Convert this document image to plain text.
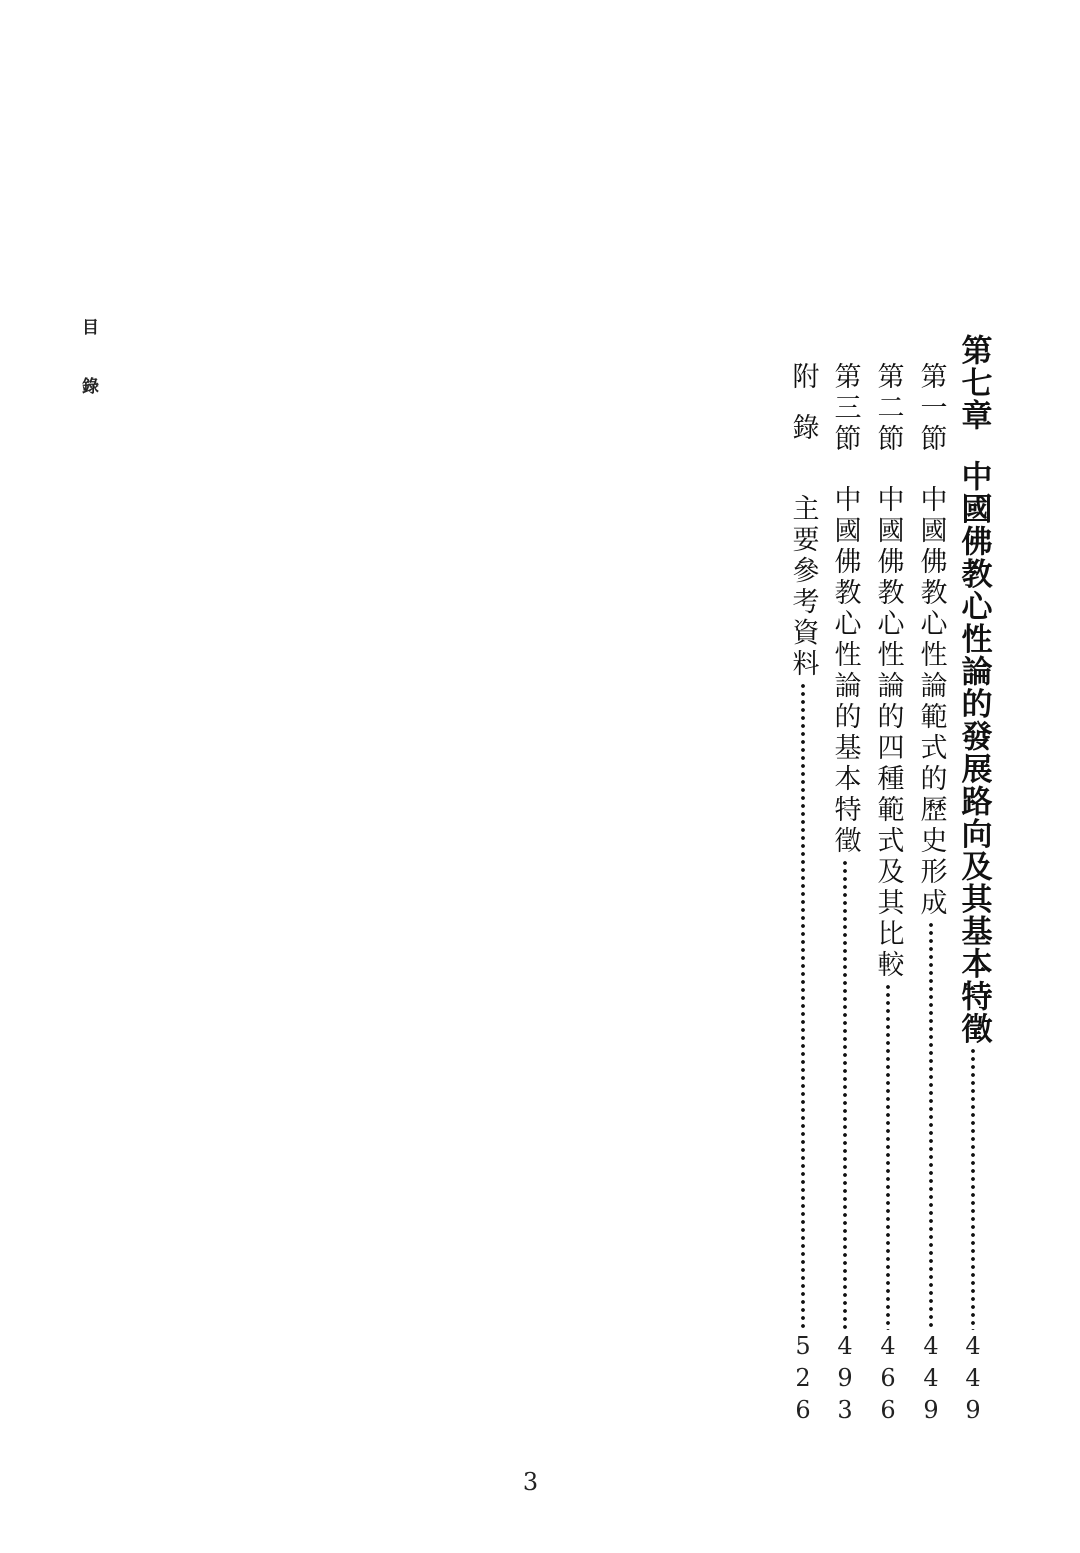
目錄	第七章
中國佛教心性論的發展路向及其基本特徵
449
第一節
中國佛教心性論範式的歷史形成
449
第二節
中國佛教心性論的四種範式及其比較
466
第三節
中國佛教心性論的基本特徵
493
附錄
主要參考資料
526
3
